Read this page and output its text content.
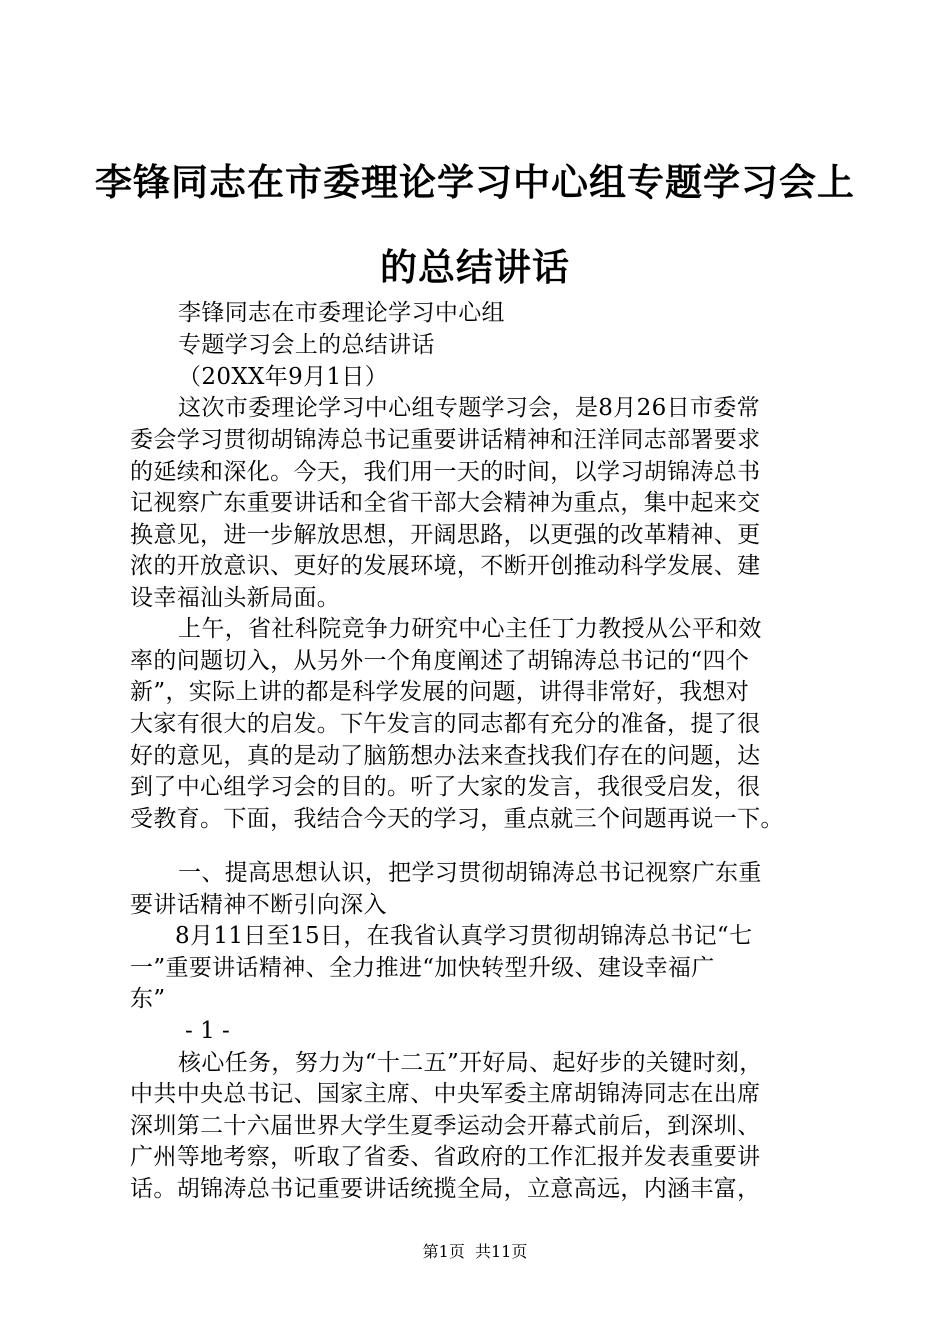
李锋同志在市委理论学习中心组专题学习会上
的总结讲话
李锋同志在市委理论学习中心组
专题学习会上的总结讲话
（20XX年9月1日）
这次市委理论学习中心组专题学习会，是8月26日市委常
委会学习贯彻胡锦涛总书记重要讲话精神和汪洋同志部署要求
的延续和深化。今天，我们用一天的时间，以学习胡锦涛总书
记视察广东重要讲话和全省干部大会精神为重点，集中起来交
换意见，进一步解放思想，开阔思路，以更强的改革精神、更
浓的开放意识、更好的发展环境，不断开创推动科学发展、建
设幸福汕头新局面。
上午，省社科院竞争力研究中心主任丁力教授从公平和效
率的问题切入，从另外一个角度阐述了胡锦涛总书记的“四个
新”，实际上讲的都是科学发展的问题，讲得非常好，我想对
大家有很大的启发。下午发言的同志都有充分的准备，提了很
好的意见，真的是动了脑筋想办法来查找我们存在的问题，达
到了中心组学习会的目的。听了大家的发言，我很受启发，很
受教育。下面，我结合今天的学习，重点就三个问题再说一下。
一、提高思想认识，把学习贯彻胡锦涛总书记视察广东重
要讲话精神不断引向深入
8月11日至15日，在我省认真学习贯彻胡锦涛总书记“七
一”重要讲话精神、全力推进“加快转型升级、建设幸福广
东”
- 1 -
核心任务，努力为“十二五”开好局、起好步的关键时刻，
中共中央总书记、国家主席、中央军委主席胡锦涛同志在出席
深圳第二十六届世界大学生夏季运动会开幕式前后，到深圳、
广州等地考察，听取了省委、省政府的工作汇报并发表重要讲
话。胡锦涛总书记重要讲话统揽全局，立意高远，内涵丰富，
第1页  共11页
